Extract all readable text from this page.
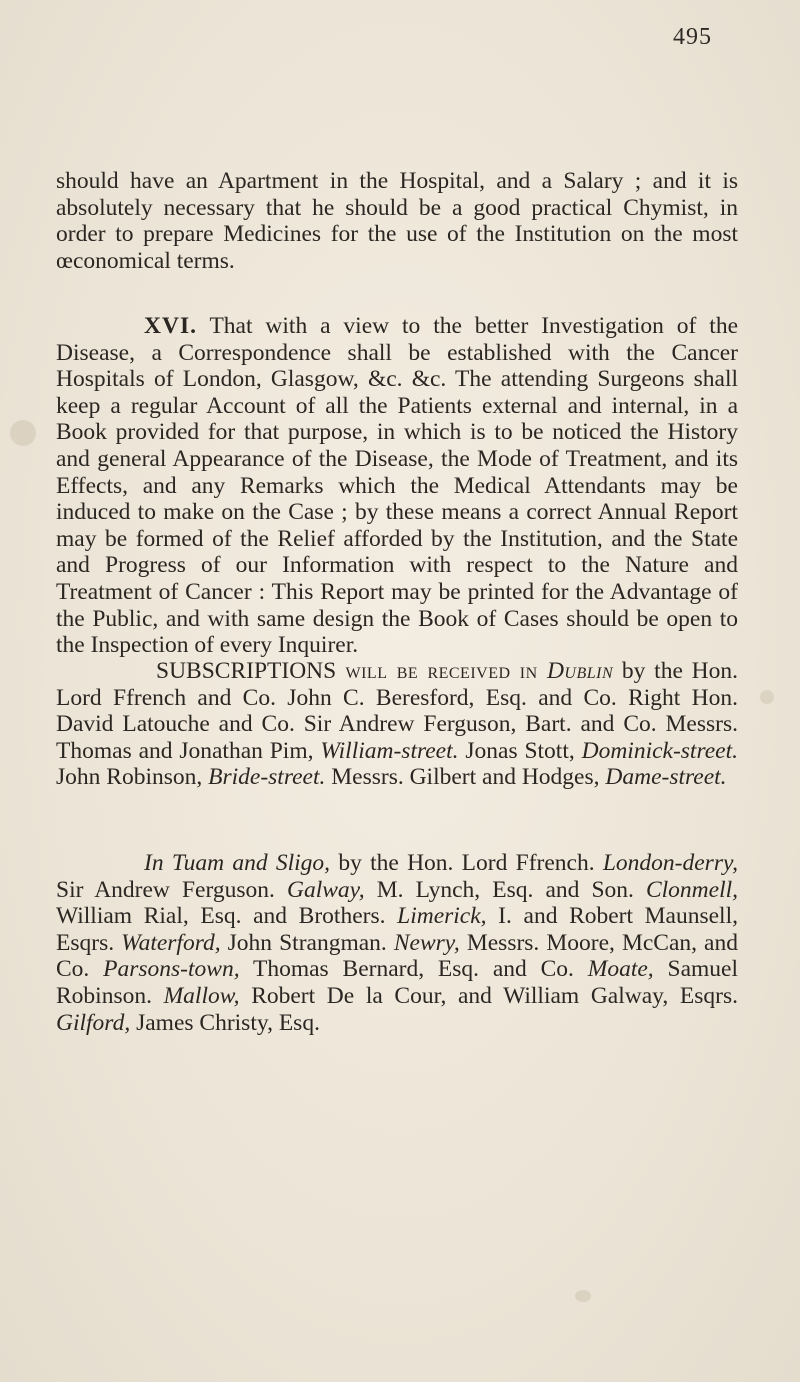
495

should have an Apartment in the Hospital, and a Salary ; and it is absolutely necessary that he should be a good practical Chymist, in order to prepare Medicines for the use of the Institution on the most œconomical terms.

XVI. That with a view to the better Investigation of the Disease, a Correspondence shall be established with the Cancer Hospitals of London, Glasgow, &c. &c. The attending Surgeons shall keep a regular Account of all the Patients external and internal, in a Book provided for that purpose, in which is to be noticed the History and general Appearance of the Disease, the Mode of Treatment, and its Effects, and any Remarks which the Medical Attendants may be induced to make on the Case ; by these means a correct Annual Report may be formed of the Relief afforded by the Institution, and the State and Progress of our Information with respect to the Nature and Treatment of Cancer : This Report may be printed for the Advantage of the Public, and with same design the Book of Cases should be open to the Inspection of every Inquirer.

SUBSCRIPTIONS will be received in Dublin by the Hon. Lord Ffrench and Co. John C. Beresford, Esq. and Co. Right Hon. David Latouche and Co. Sir Andrew Ferguson, Bart. and Co. Messrs. Thomas and Jonathan Pim, William-street. Jonas Stott, Dominick-street. John Robinson, Bride-street. Messrs. Gilbert and Hodges, Dame-street.

In Tuam and Sligo, by the Hon. Lord Ffrench. London-derry, Sir Andrew Ferguson. Galway, M. Lynch, Esq. and Son. Clonmell, William Rial, Esq. and Brothers. Limerick, I. and Robert Maunsell, Esqrs. Waterford, John Strangman. Newry, Messrs. Moore, McCan, and Co. Parsons-town, Thomas Bernard, Esq. and Co. Moate, Samuel Robinson. Mallow, Robert De la Cour, and William Galway, Esqrs. Gilford, James Christy, Esq.
